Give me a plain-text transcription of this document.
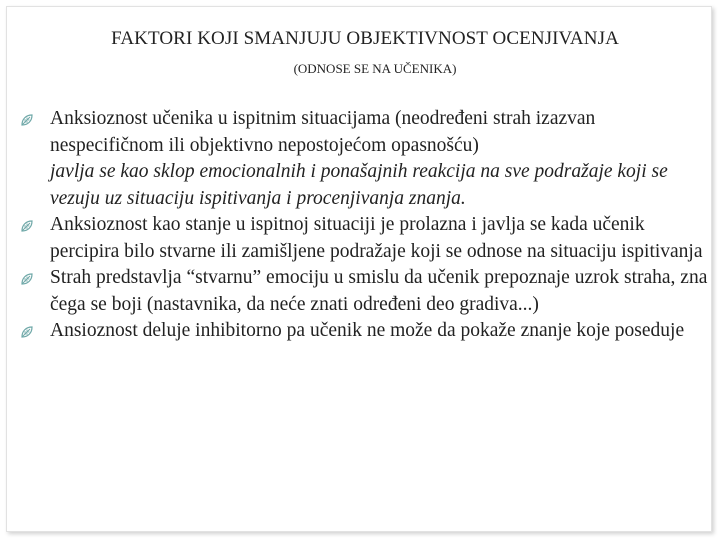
FAKTORI KOJI SMANJUJU OBJEKTIVNOST OCENJIVANJA
(ODNOSE SE NA UČENIKA)
Anksioznost učenika u ispitnim situacijama (neodređeni strah izazvan nespecifičnom ili objektivno nepostojećom opasnošću)
javlja se kao sklop emocionalnih i ponašajnih reakcija na sve podražaje koji se vezuju uz situaciju ispitivanja i procenjivanja znanja.
Anksioznost kao stanje u ispitnoj situaciji je prolazna i javlja se kada učenik percipira bilo stvarne ili zamišljene podražaje koji se odnose na situaciju ispitivanja
Strah predstavlja “stvarnu” emociju u smislu da učenik prepoznaje uzrok straha, zna čega se boji (nastavnika, da neće znati određeni deo gradiva...)
Ansioznost deluje inhibitorno pa učenik ne može da pokaže znanje koje poseduje
